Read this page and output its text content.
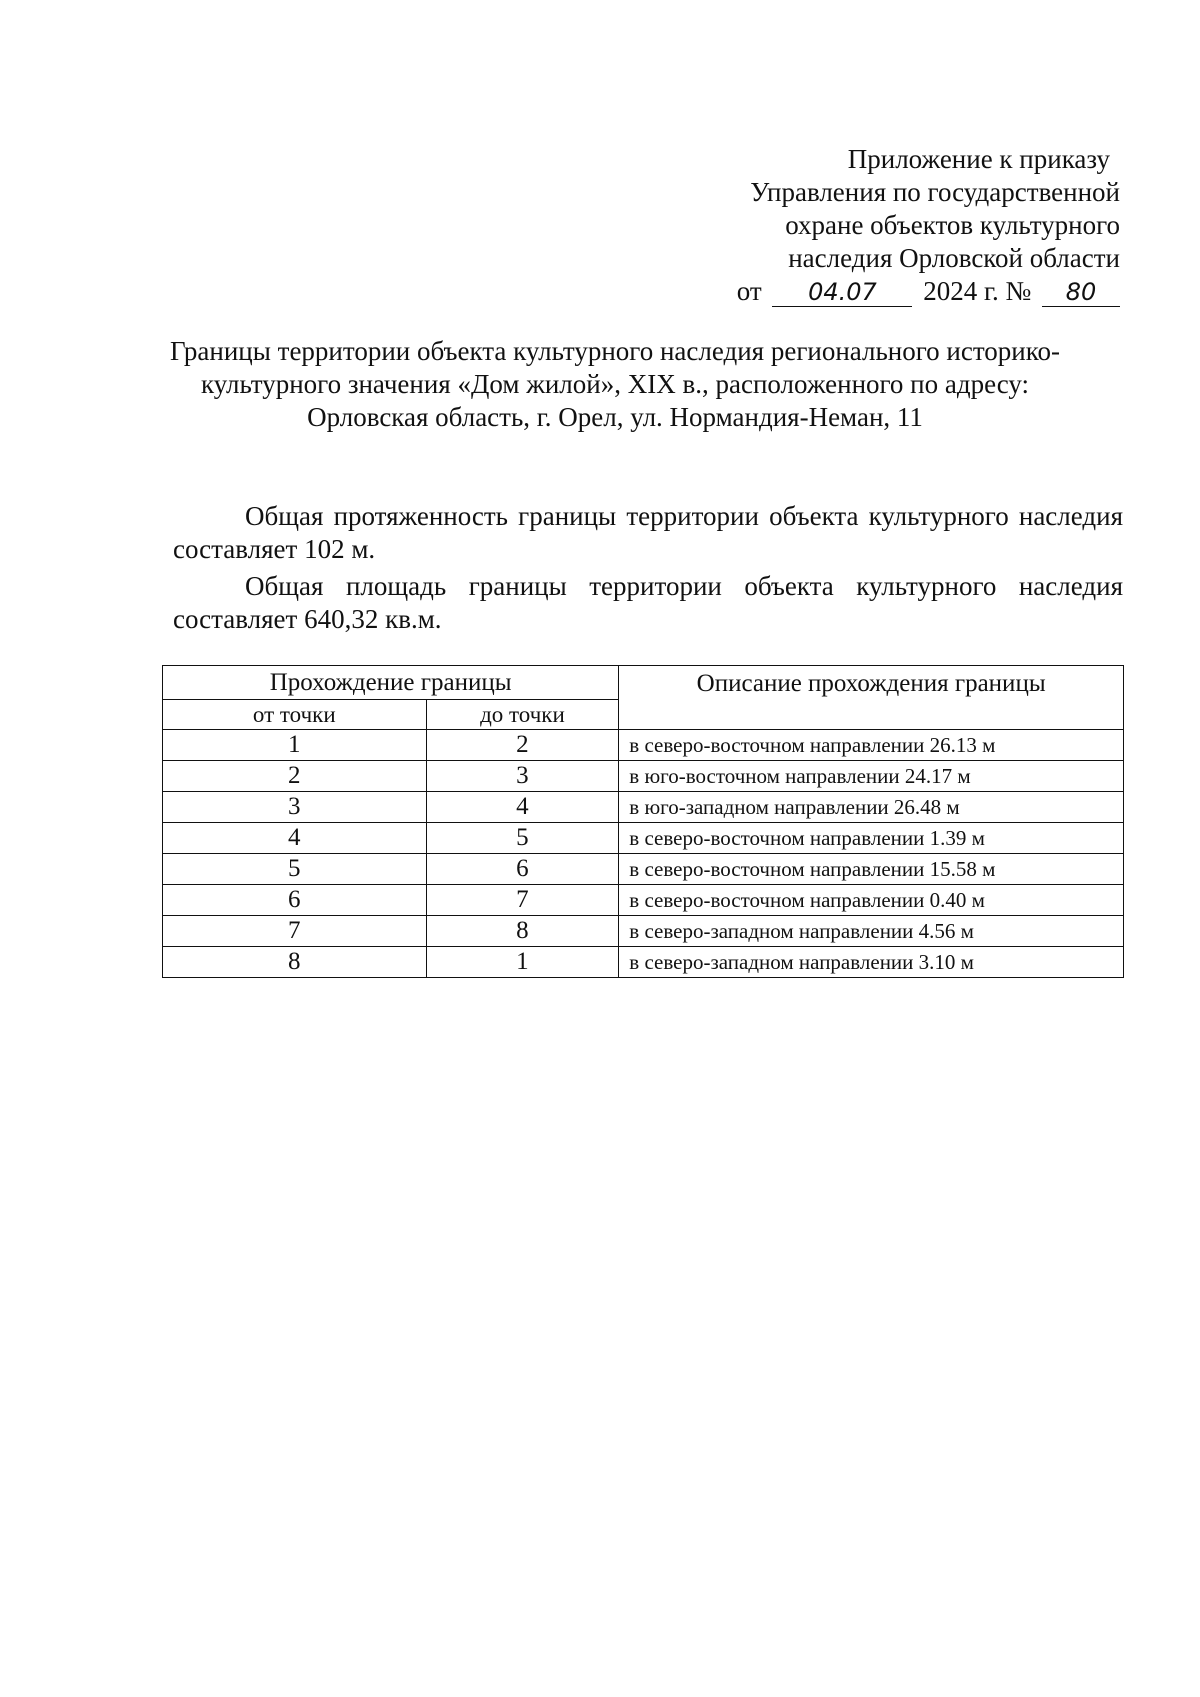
Приложение к приказу
Управления по государственной
охране объектов культурного
наследия Орловской области
от 04.07 2024 г. № 80
Границы территории объекта культурного наследия регионального историко-
культурного значения «Дом жилой», XIX в., расположенного по адресу:
Орловская область, г. Орел, ул. Нормандия-Неман, 11

Общая протяженность границы территории объекта культурного наследия составляет 102 м.

Общая площадь границы территории объекта культурного наследия составляет 640,32 кв.м.

Прохождение границы		Описание прохождения границы
от точки	до точки	
1	2	в северо-восточном направлении 26.13 м
2	3	в юго-восточном направлении 24.17 м
3	4	в юго-западном направлении 26.48 м
4	5	в северо-восточном направлении 1.39 м
5	6	в северо-восточном направлении 15.58 м
6	7	в северо-восточном направлении 0.40 м
7	8	в северо-западном направлении 4.56 м
8	1	в северо-западном направлении 3.10 м
